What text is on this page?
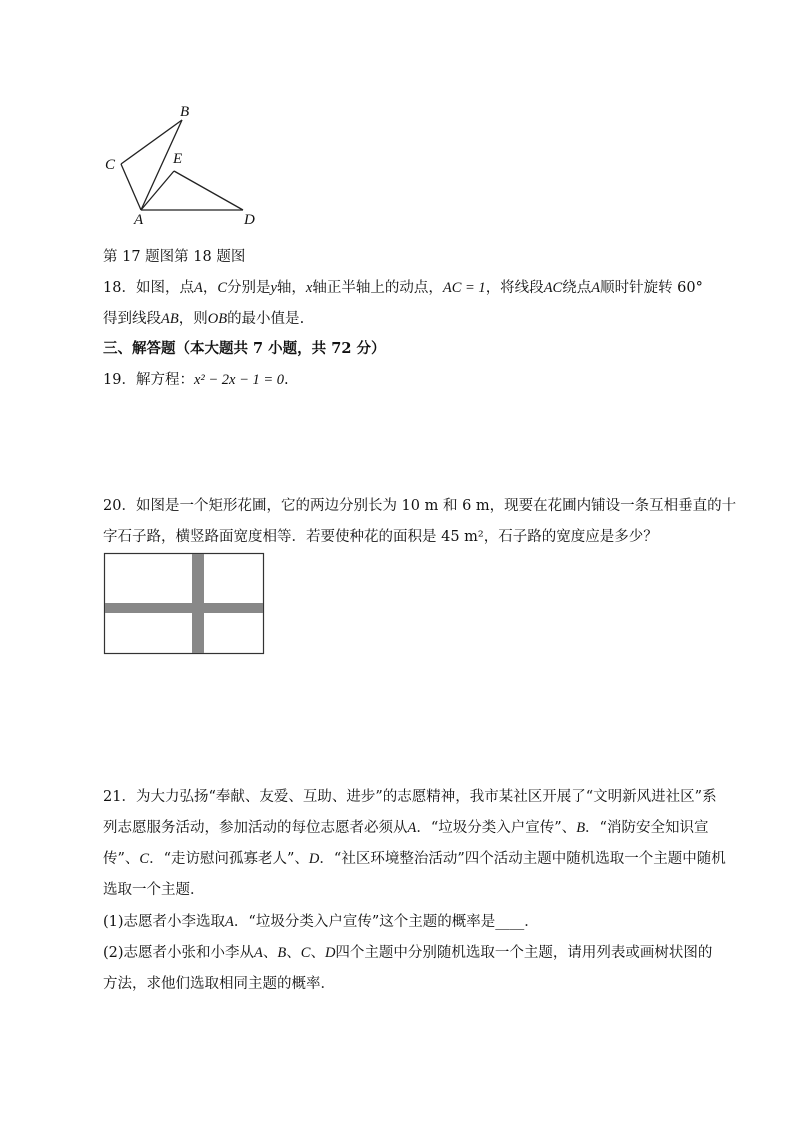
B
C	E
A	D
第 17 题图第 18 题图
18．如图，点A，C分别是y轴，x轴正半轴上的动点，AC = 1，将线段AC绕点A顺时针旋转 60°
得到线段AB，则OB的最小值是.
三、解答题（本大题共 7 小题，共 72 分）
19．解方程：x² − 2x − 1 = 0.
20．如图是一个矩形花圃，它的两边分别长为 10 m 和 6 m，现要在花圃内铺设一条互相垂直的十
字石子路，横竖路面宽度相等．若要使种花的面积是 45 m²，石子路的宽度应是多少？
21．为大力弘扬“奉献、友爱、互助、进步”的志愿精神，我市某社区开展了“文明新风进社区”系
列志愿服务活动，参加活动的每位志愿者必须从A．“垃圾分类入户宣传”、B．“消防安全知识宣
传”、C．“走访慰问孤寡老人”、D．“社区环境整治活动”四个活动主题中随机选取一个主题中随机
选取一个主题．
(1)志愿者小李选取A．“垃圾分类入户宣传”这个主题的概率是____．
(2)志愿者小张和小李从A、B、C、D四个主题中分别随机选取一个主题，请用列表或画树状图的
方法，求他们选取相同主题的概率．
